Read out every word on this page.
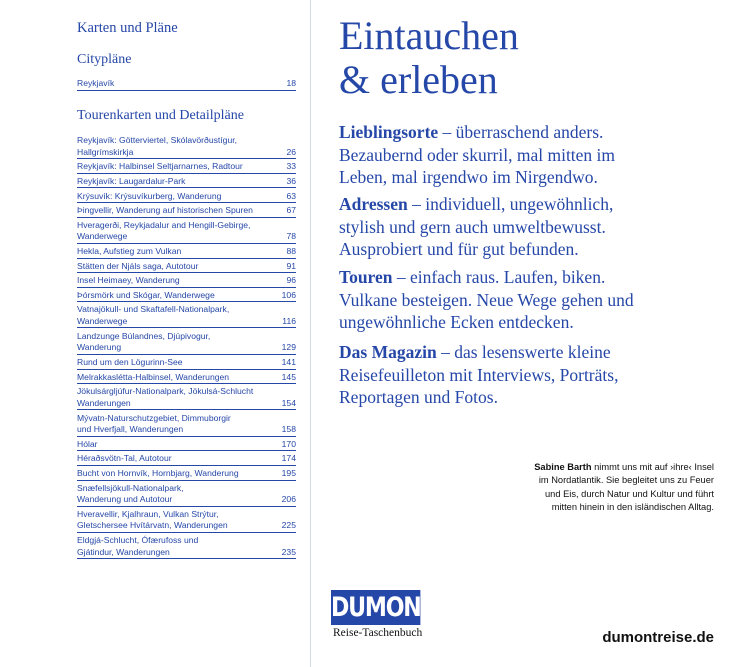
Karten und Pläne
Citypläne
Reykjavík	18
Tourenkarten und Detailpläne
Reykjavík: Götterviertel, Skólavörðustígur,
Hallgrímskirkja	26
Reykjavík: Halbinsel Seltjarnarnes, Radtour	33
Reykjavík: Laugardalur-Park	36
Krýsuvík: Krýsuvíkurberg, Wanderung	63
Þingvellir, Wanderung auf historischen Spuren	67
Hveragerði, Reykjadalur and Hengill-Gebirge,
Wanderwege	78
Hekla, Aufstieg zum Vulkan	88
Stätten der Njáls saga, Autotour	91
Insel Heimaey, Wanderung	96
Þórsmörk und Skógar, Wanderwege	106
Vatnajökull- und Skaftafell-Nationalpark,
Wanderwege	116
Landzunge Búlandnes, Djúpivogur,
Wanderung	129
Rund um den Lögurinn-See	141
Melrakkaslétta-Halbinsel, Wanderungen	145
Jökulsárgljúfur-Nationalpark, Jökulsá-Schlucht
Wanderungen	154
Mývatn-Naturschutzgebiet, Dimmuborgir
und Hverfjall, Wanderungen	158
Hólar	170
Héraðsvötn-Tal, Autotour	174
Bucht von Hornvík, Hornbjarg, Wanderung	195
Snæfellsjökull-Nationalpark,
Wanderung und Autotour	206
Hveravellir, Kjalhraun, Vulkan Strýtur,
Gletschersee Hvítárvatn, Wanderungen	225
Eldgjá-Schlucht, Ófærufoss und
Gjátindur, Wanderungen	235
Eintauchen
& erleben
Lieblingsorte – überraschend anders. Bezaubernd oder skurril, mal mitten im Leben, mal irgendwo im Nirgendwo.
Adressen – individuell, ungewöhnlich, stylish und gern auch umweltbewusst. Ausprobiert und für gut befunden.
Touren – einfach raus. Laufen, biken. Vulkane besteigen. Neue Wege gehen und ungewöhnliche Ecken entdecken.
Das Magazin – das lesenswerte kleine Reisefeuilleton mit Interviews, Porträts, Reportagen und Fotos.
Sabine Barth nimmt uns mit auf ›ihre‹ Insel im Nordatlantik. Sie begleitet uns zu Feuer und Eis, durch Natur und Kultur und führt mitten hinein in den isländischen Alltag.
DUMONT
Reise-Taschenbuch	dumontreise.de
